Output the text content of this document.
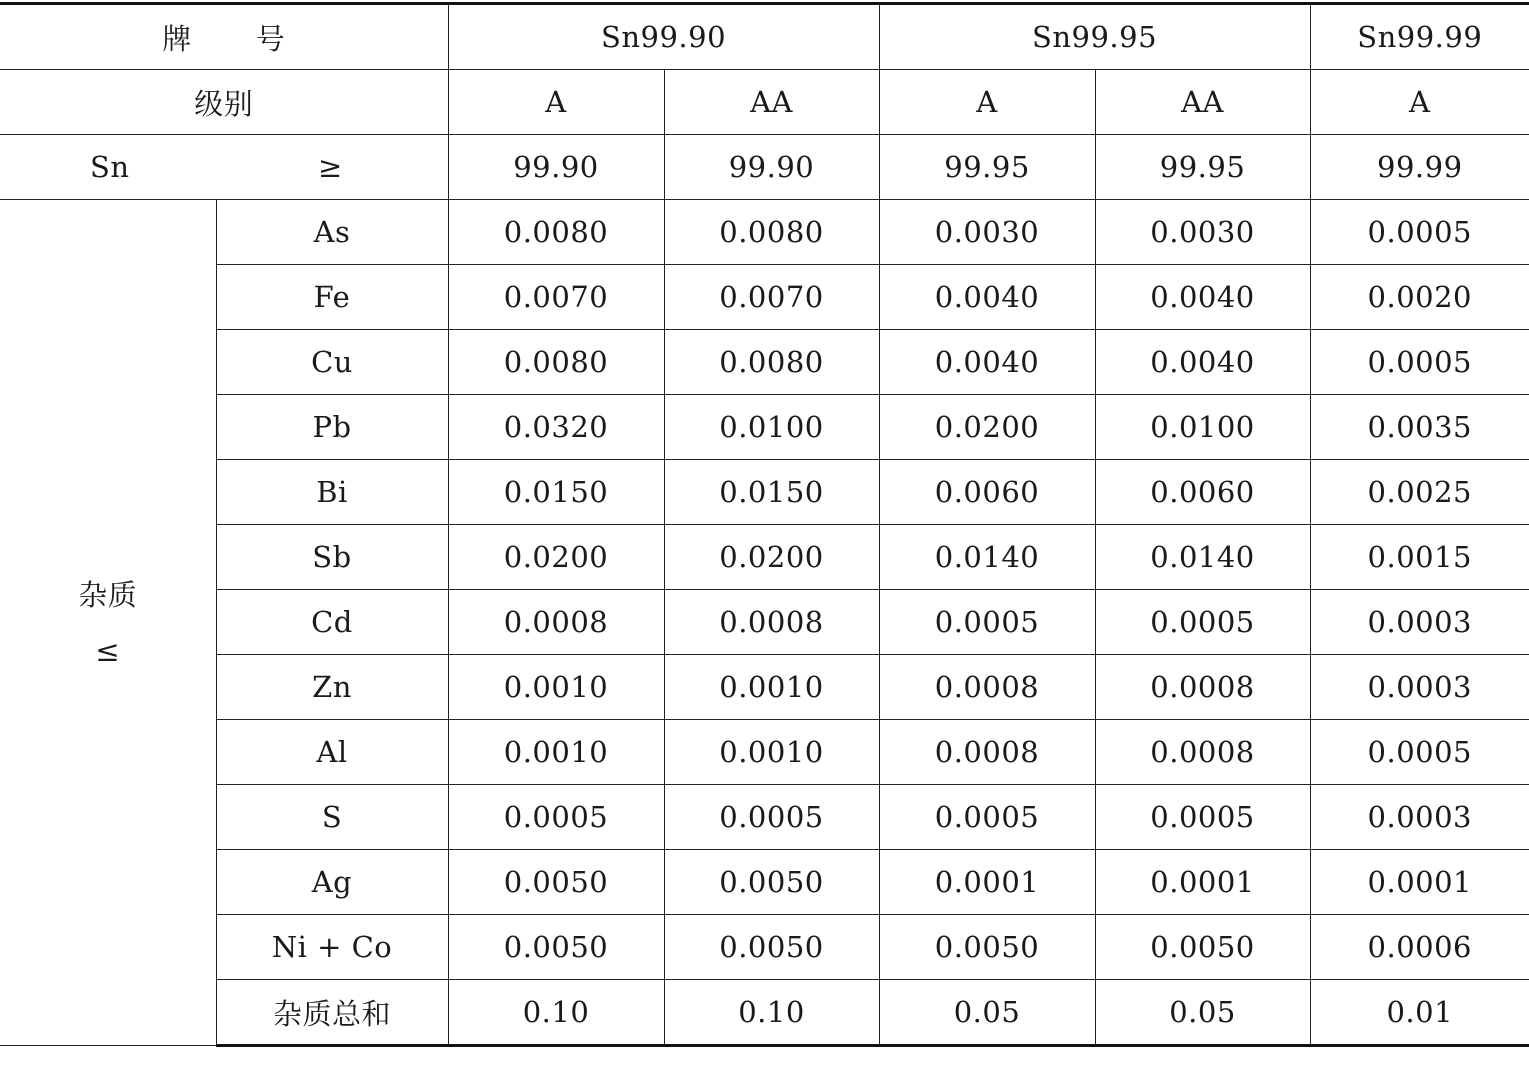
牌 号		Sn99.90		Sn99.95		Sn99.99
级别		A	AA	A	AA	A

Sn ≥		99.90	99.90	99.95	99.95	99.99

杂质
≤	As	0.0080	0.0080	0.0030	0.0030	0.0005
	Fe	0.0070	0.0070	0.0040	0.0040	0.0020
	Cu	0.0080	0.0080	0.0040	0.0040	0.0005
	Pb	0.0320	0.0100	0.0200	0.0100	0.0035
	Bi	0.0150	0.0150	0.0060	0.0060	0.0025
	Sb	0.0200	0.0200	0.0140	0.0140	0.0015
	Cd	0.0008	0.0008	0.0005	0.0005	0.0003
	Zn	0.0010	0.0010	0.0008	0.0008	0.0003
	Al	0.0010	0.0010	0.0008	0.0008	0.0005
	S	0.0005	0.0005	0.0005	0.0005	0.0003
	Ag	0.0050	0.0050	0.0001	0.0001	0.0001
	Ni + Co	0.0050	0.0050	0.0050	0.0050	0.0006
	杂质总和	0.10	0.10	0.05	0.05	0.01
